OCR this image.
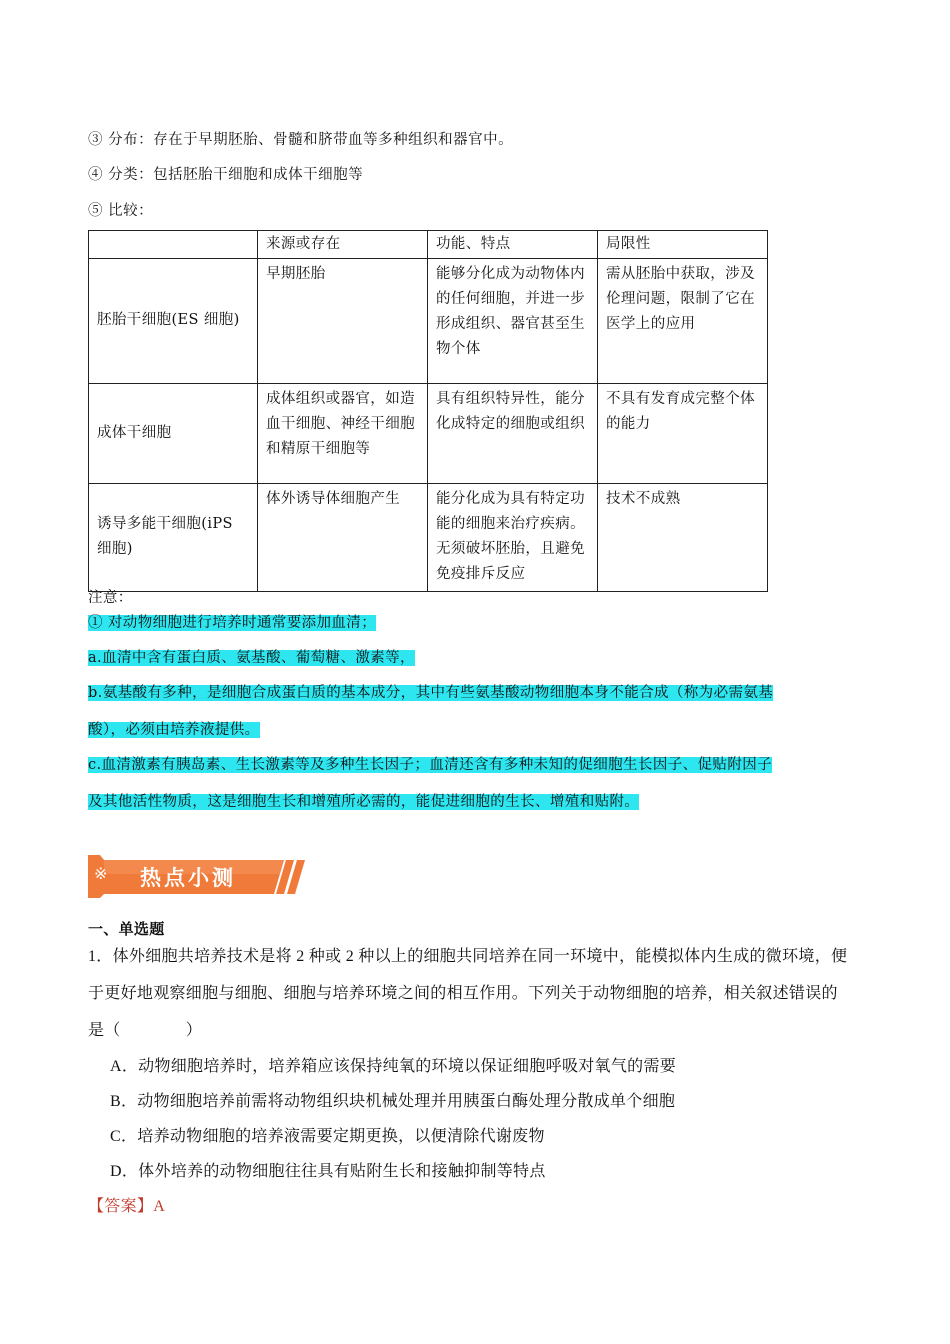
③ 分布：存在于早期胚胎、骨髓和脐带血等多种组织和器官中。
④ 分类：包括胚胎干细胞和成体干细胞等
⑤ 比较：
	来源或存在	功能、特点	局限性
胚胎干细胞(ES 细胞)	早期胚胎	能够分化成为动物体内的任何细胞，并进一步形成组织、器官甚至生物个体	需从胚胎中获取，涉及伦理问题，限制了它在医学上的应用
成体干细胞	成体组织或器官，如造血干细胞、神经干细胞和精原干细胞等	具有组织特异性，能分化成特定的细胞或组织	不具有发育成完整个体的能力
诱导多能干细胞(iPS 细胞)	体外诱导体细胞产生	能分化成为具有特定功能的细胞来治疗疾病。无须破坏胚胎，且避免免疫排斥反应	技术不成熟
注意：
① 对动物细胞进行培养时通常要添加血清；
a.血清中含有蛋白质、氨基酸、葡萄糖、激素等，
b.氨基酸有多种，是细胞合成蛋白质的基本成分，其中有些氨基酸动物细胞本身不能合成（称为必需氨基
酸），必须由培养液提供。
c.血清激素有胰岛素、生长激素等及多种生长因子；血清还含有多种未知的促细胞生长因子、促贴附因子
及其他活性物质，这是细胞生长和增殖所必需的，能促进细胞的生长、增殖和贴附。
※ 热点小测
一、单选题
1．体外细胞共培养技术是将 2 种或 2 种以上的细胞共同培养在同一环境中，能模拟体内生成的微环境，便
于更好地观察细胞与细胞、细胞与培养环境之间的相互作用。下列关于动物细胞的培养，相关叙述错误的
是（　　　　）
A．动物细胞培养时，培养箱应该保持纯氧的环境以保证细胞呼吸对氧气的需要
B．动物细胞培养前需将动物组织块机械处理并用胰蛋白酶处理分散成单个细胞
C．培养动物细胞的培养液需要定期更换，以便清除代谢废物
D．体外培养的动物细胞往往具有贴附生长和接触抑制等特点
【答案】A
